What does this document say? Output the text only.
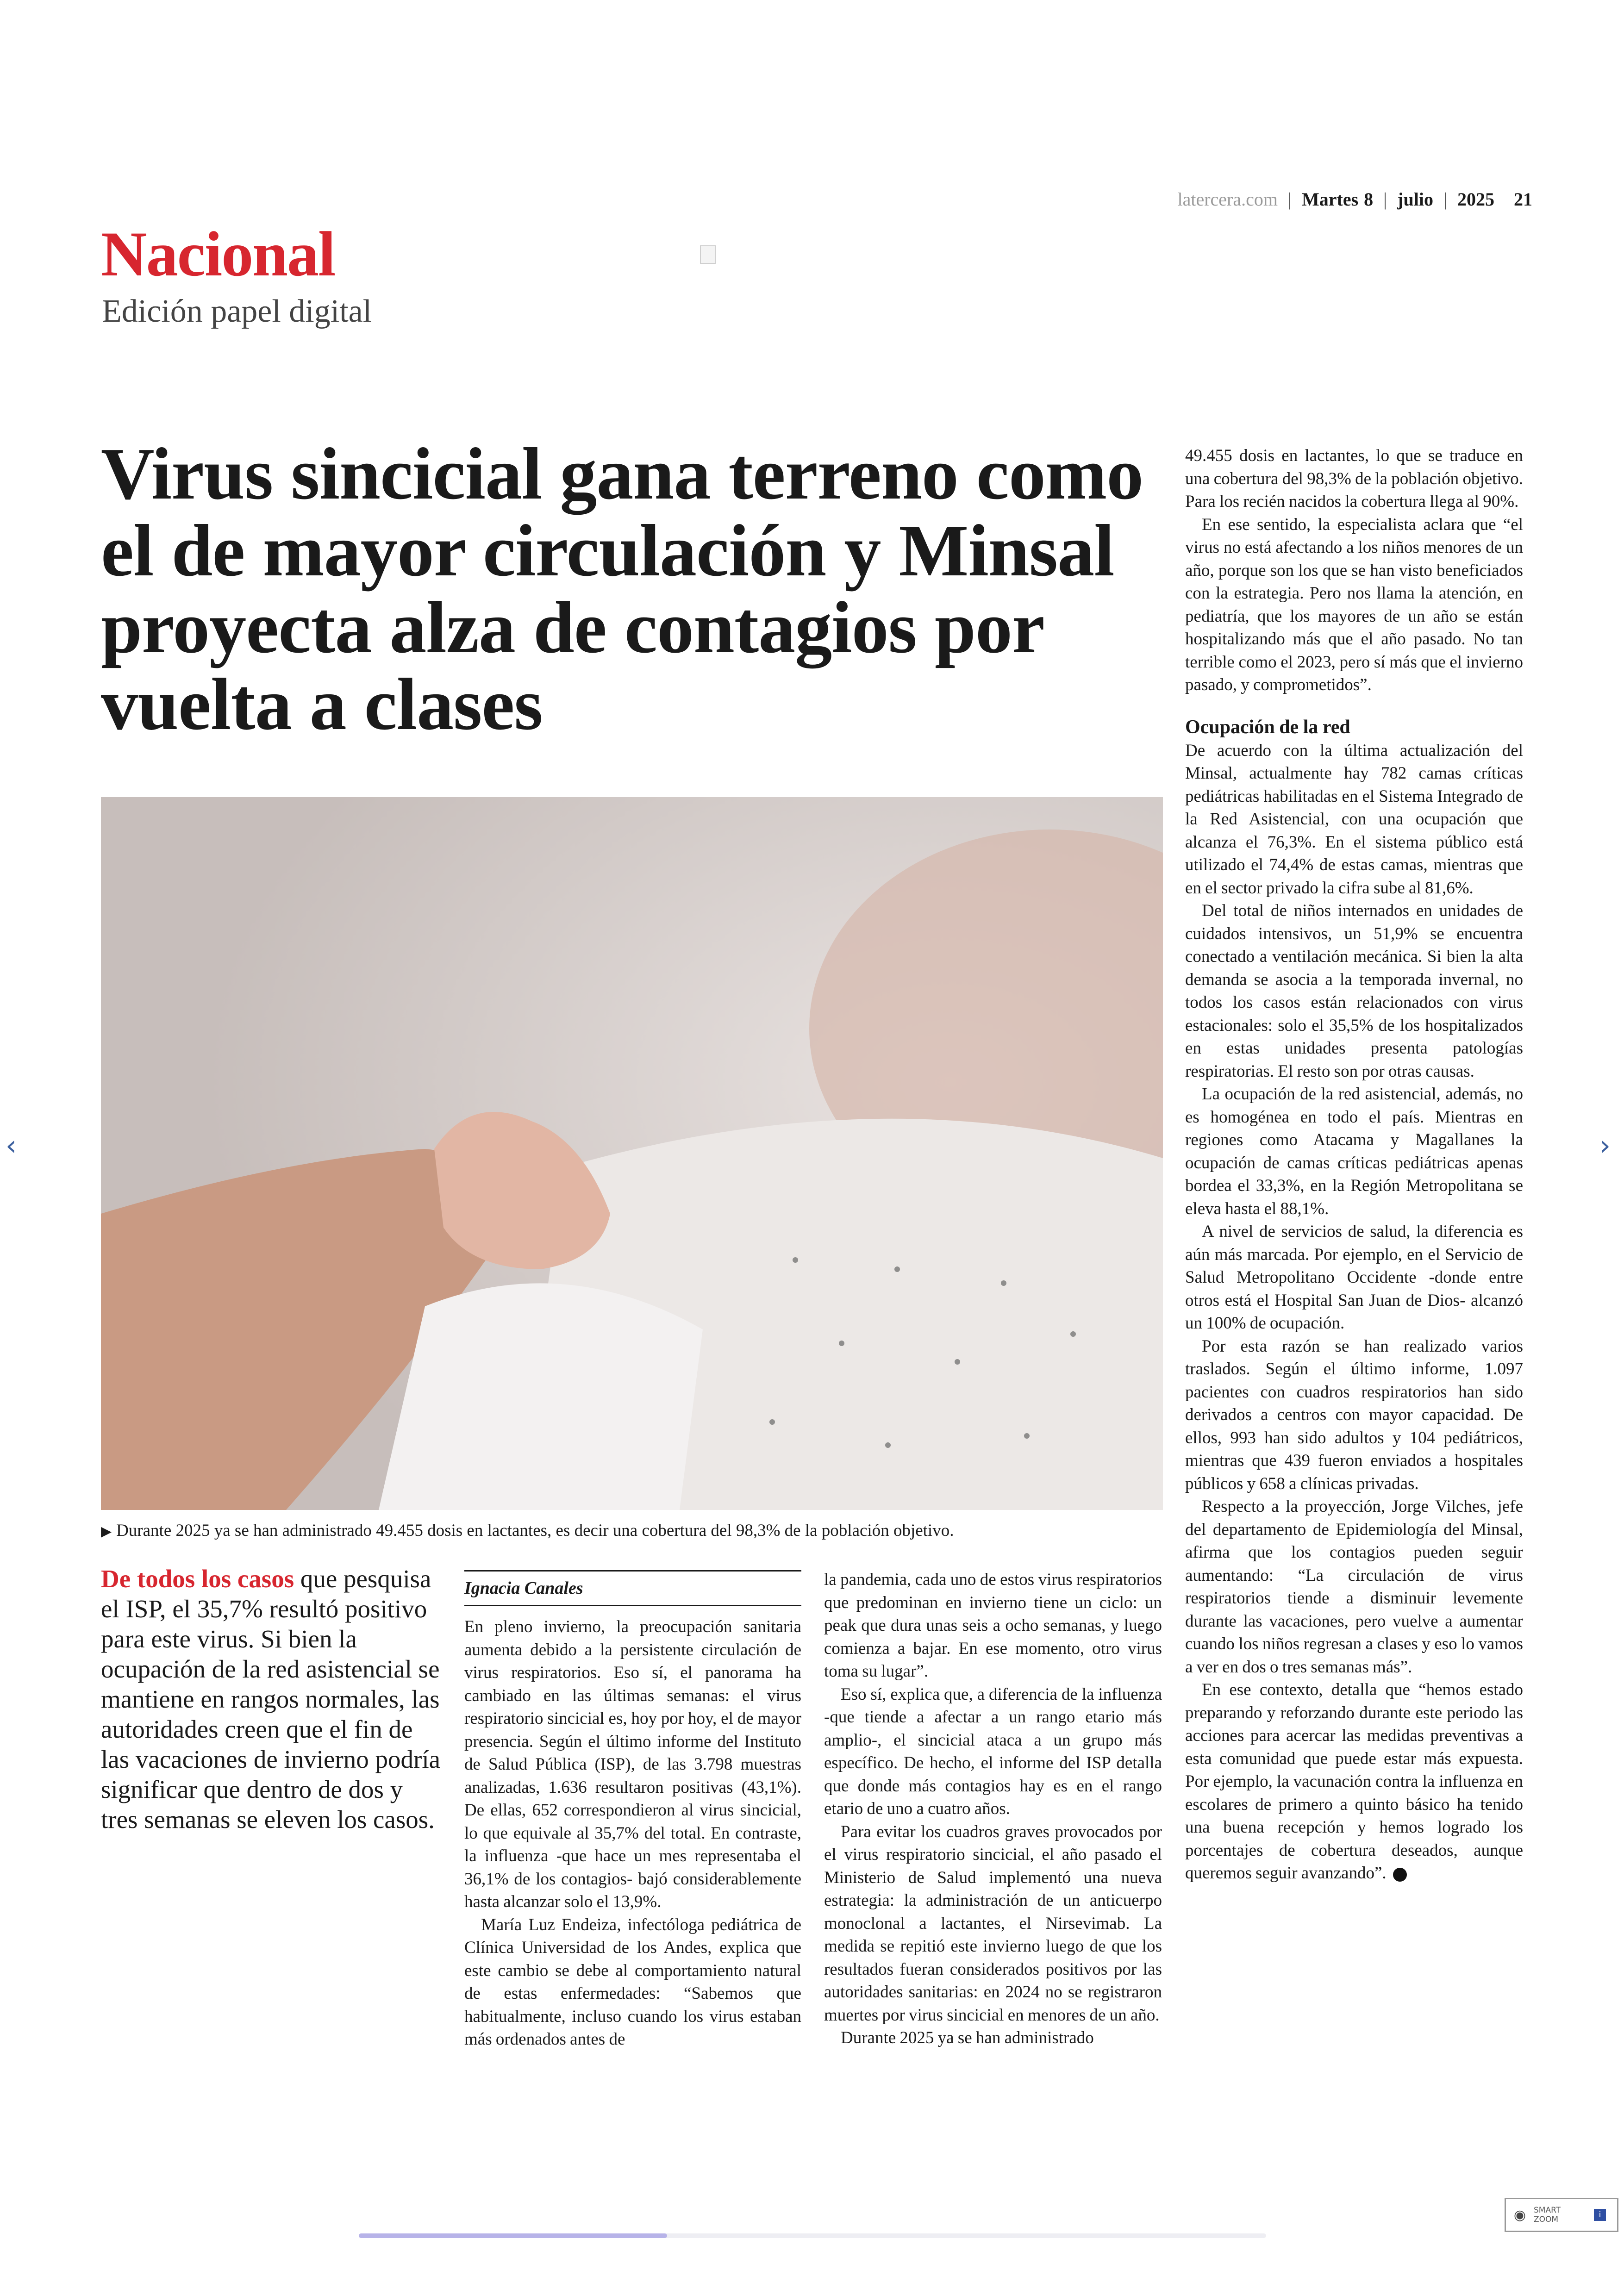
latercera.com | Martes 8 | julio | 2025 21
Nacional
Edición papel digital
Virus sincicial gana terreno como el de mayor circulación y Minsal proyecta alza de contagios por vuelta a clases
▶ Durante 2025 ya se han administrado 49.455 dosis en lactantes, es decir una cobertura del 98,3% de la población objetivo.

De todos los casos que pesquisa el ISP, el 35,7% resultó positivo para este virus. Si bien la ocupación de la red asistencial se mantiene en rangos normales, las autoridades creen que el fin de las vacaciones de invierno podría significar que dentro de dos y tres semanas se eleven los casos.

Ignacia Canales

En pleno invierno, la preocupación sanitaria aumenta debido a la persistente circulación de virus respiratorios. Eso sí, el panorama ha cambiado en las últimas semanas: el virus respiratorio sincicial es, hoy por hoy, el de mayor presencia. Según el último informe del Instituto de Salud Pública (ISP), de las 3.798 muestras analizadas, 1.636 resultaron positivas (43,1%). De ellas, 652 correspondieron al virus sincicial, lo que equivale al 35,7% del total. En contraste, la influenza -que hace un mes representaba el 36,1% de los contagios- bajó considerablemente hasta alcanzar solo el 13,9%.

María Luz Endeiza, infectóloga pediátrica de Clínica Universidad de los Andes, explica que este cambio se debe al comportamiento natural de estas enfermedades: “Sabemos que habitualmente, incluso cuando los virus estaban más ordenados antes de

la pandemia, cada uno de estos virus respiratorios que predominan en invierno tiene un ciclo: un peak que dura unas seis a ocho semanas, y luego comienza a bajar. En ese momento, otro virus toma su lugar”.

Eso sí, explica que, a diferencia de la influenza -que tiende a afectar a un rango etario más amplio-, el sincicial ataca a un grupo más específico. De hecho, el informe del ISP detalla que donde más contagios hay es en el rango etario de uno a cuatro años.

Para evitar los cuadros graves provocados por el virus respiratorio sincicial, el año pasado el Ministerio de Salud implementó una nueva estrategia: la administración de un anticuerpo monoclonal a lactantes, el Nirsevimab. La medida se repitió este invierno luego de que los resultados fueran considerados positivos por las autoridades sanitarias: en 2024 no se registraron muertes por virus sincicial en menores de un año.

Durante 2025 ya se han administrado

49.455 dosis en lactantes, lo que se traduce en una cobertura del 98,3% de la población objetivo. Para los recién nacidos la cobertura llega al 90%.

En ese sentido, la especialista aclara que “el virus no está afectando a los niños menores de un año, porque son los que se han visto beneficiados con la estrategia. Pero nos llama la atención, en pediatría, que los mayores de un año se están hospitalizando más que el año pasado. No tan terrible como el 2023, pero sí más que el invierno pasado, y comprometidos”.

Ocupación de la red

De acuerdo con la última actualización del Minsal, actualmente hay 782 camas críticas pediátricas habilitadas en el Sistema Integrado de la Red Asistencial, con una ocupación que alcanza el 76,3%. En el sistema público está utilizado el 74,4% de estas camas, mientras que en el sector privado la cifra sube al 81,6%.

Del total de niños internados en unidades de cuidados intensivos, un 51,9% se encuentra conectado a ventilación mecánica. Si bien la alta demanda se asocia a la temporada invernal, no todos los casos están relacionados con virus estacionales: solo el 35,5% de los hospitalizados en estas unidades presenta patologías respiratorias. El resto son por otras causas.

La ocupación de la red asistencial, además, no es homogénea en todo el país. Mientras en regiones como Atacama y Magallanes la ocupación de camas críticas pediátricas apenas bordea el 33,3%, en la Región Metropolitana se eleva hasta el 88,1%.

A nivel de servicios de salud, la diferencia es aún más marcada. Por ejemplo, en el Servicio de Salud Metropolitano Occidente -donde entre otros está el Hospital San Juan de Dios- alcanzó un 100% de ocupación.

Por esta razón se han realizado varios traslados. Según el último informe, 1.097 pacientes con cuadros respiratorios han sido derivados a centros con mayor capacidad. De ellos, 993 han sido adultos y 104 pediátricos, mientras que 439 fueron enviados a hospitales públicos y 658 a clínicas privadas.

Respecto a la proyección, Jorge Vilches, jefe del departamento de Epidemiología del Minsal, afirma que los contagios pueden seguir aumentando: “La circulación de virus respiratorios tiende a disminuir levemente durante las vacaciones, pero vuelve a aumentar cuando los niños regresan a clases y eso lo vamos a ver en dos o tres semanas más”.

En ese contexto, detalla que “hemos estado preparando y reforzando durante este periodo las acciones para acercar las medidas preventivas a esta comunidad que puede estar más expuesta. Por ejemplo, la vacunación contra la influenza en escolares de primero a quinto básico ha tenido una buena recepción y hemos logrado los porcentajes de cobertura deseados, aunque queremos seguir avanzando”.

‹	›
◉ SMART
ZOOM	i
